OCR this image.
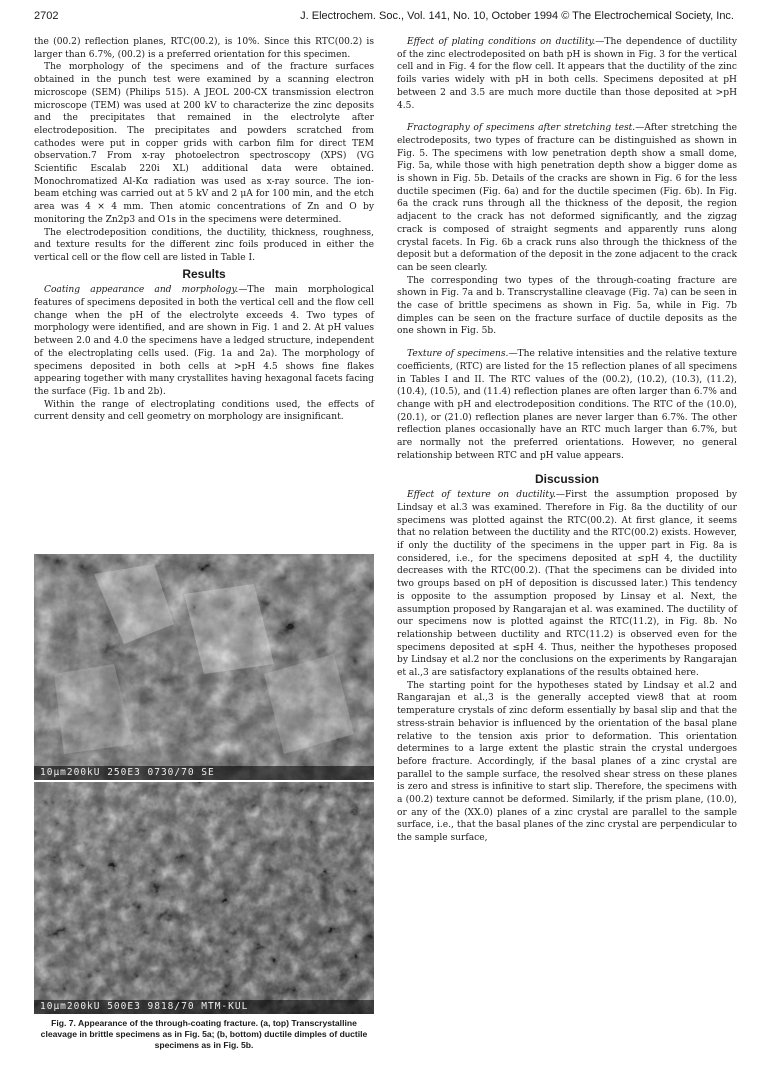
2702	J. Electrochem. Soc., Vol. 141, No. 10, October 1994 © The Electrochemical Society, Inc.

the (00.2) reflection planes, RTC(00.2), is 10%. Since this RTC(00.2) is larger than 6.7%, (00.2) is a preferred orientation for this specimen.

The morphology of the specimens and of the fracture surfaces obtained in the punch test were examined by a scanning electron microscope (SEM) (Philips 515). A JEOL 200-CX transmission electron microscope (TEM) was used at 200 kV to characterize the zinc deposits and the precipitates that remained in the electrolyte after electrodeposition. The precipitates and powders scratched from cathodes were put in copper grids with carbon film for direct TEM observation.7 From x-ray photoelectron spectroscopy (XPS) (VG Scientific Escalab 220i XL) additional data were obtained. Monochromatized Al-Kα radiation was used as x-ray source. The ion-beam etching was carried out at 5 kV and 2 μA for 100 min, and the etch area was 4 × 4 mm. Then atomic concentrations of Zn and O by monitoring the Zn2p3 and O1s in the specimens were determined.

The electrodeposition conditions, the ductility, thickness, roughness, and texture results for the different zinc foils produced in either the vertical cell or the flow cell are listed in Table I.

Results

Coating appearance and morphology.—The main morphological features of specimens deposited in both the vertical cell and the flow cell change when the pH of the electrolyte exceeds 4. Two types of morphology were identified, and are shown in Fig. 1 and 2. At pH values between 2.0 and 4.0 the specimens have a ledged structure, independent of the electroplating cells used. (Fig. 1a and 2a). The morphology of specimens deposited in both cells at >pH 4.5 shows fine flakes appearing together with many crystallites having hexagonal facets facing the surface (Fig. 1b and 2b).

Within the range of electroplating conditions used, the effects of current density and cell geometry on morphology are insignificant.

10μm200kU 250E3 0730/70 SE
10μm200kU 500E3 9818/70 MTM-KUL
Fig. 7. Appearance of the through-coating fracture. (a, top) Transcrystalline cleavage in brittle specimens as in Fig. 5a; (b, bottom) ductile dimples of ductile specimens as in Fig. 5b.

Effect of plating conditions on ductility.—The dependence of ductility of the zinc electrodeposited on bath pH is shown in Fig. 3 for the vertical cell and in Fig. 4 for the flow cell. It appears that the ductility of the zinc foils varies widely with pH in both cells. Specimens deposited at pH between 2 and 3.5 are much more ductile than those deposited at >pH 4.5.

Fractography of specimens after stretching test.—After stretching the electrodeposits, two types of fracture can be distinguished as shown in Fig. 5. The specimens with low penetration depth show a small dome, Fig. 5a, while those with high penetration depth show a bigger dome as is shown in Fig. 5b. Details of the cracks are shown in Fig. 6 for the less ductile specimen (Fig. 6a) and for the ductile specimen (Fig. 6b). In Fig. 6a the crack runs through all the thickness of the deposit, the region adjacent to the crack has not deformed significantly, and the zigzag crack is composed of straight segments and apparently runs along crystal facets. In Fig. 6b a crack runs also through the thickness of the deposit but a deformation of the deposit in the zone adjacent to the crack can be seen clearly.

The corresponding two types of the through-coating fracture are shown in Fig. 7a and b. Transcrystalline cleavage (Fig. 7a) can be seen in the case of brittle specimens as shown in Fig. 5a, while in Fig. 7b dimples can be seen on the fracture surface of ductile deposits as the one shown in Fig. 5b.

Texture of specimens.—The relative intensities and the relative texture coefficients, (RTC) are listed for the 15 reflection planes of all specimens in Tables I and II. The RTC values of the (00.2), (10.2), (10.3), (11.2), (10.4), (10.5), and (11.4) reflection planes are often larger than 6.7% and change with pH and electrodeposition conditions. The RTC of the (10.0), (20.1), or (21.0) reflection planes are never larger than 6.7%. The other reflection planes occasionally have an RTC much larger than 6.7%, but are normally not the preferred orientations. However, no general relationship between RTC and pH value appears.

Discussion

Effect of texture on ductility.—First the assumption proposed by Lindsay et al.3 was examined. Therefore in Fig. 8a the ductility of our specimens was plotted against the RTC(00.2). At first glance, it seems that no relation between the ductility and the RTC(00.2) exists. However, if only the ductility of the specimens in the upper part in Fig. 8a is considered, i.e., for the specimens deposited at ≤pH 4, the ductility decreases with the RTC(00.2). (That the specimens can be divided into two groups based on pH of deposition is discussed later.) This tendency is opposite to the assumption proposed by Linsay et al. Next, the assumption proposed by Rangarajan et al. was examined. The ductility of our specimens now is plotted against the RTC(11.2), in Fig. 8b. No relationship between ductility and RTC(11.2) is observed even for the specimens deposited at ≤pH 4. Thus, neither the hypotheses proposed by Lindsay et al.2 nor the conclusions on the experiments by Rangarajan et al.,3 are satisfactory explanations of the results obtained here.

The starting point for the hypotheses stated by Lindsay et al.2 and Rangarajan et al.,3 is the generally accepted view8 that at room temperature crystals of zinc deform essentially by basal slip and that the stress-strain behavior is influenced by the orientation of the basal plane relative to the tension axis prior to deformation. This orientation determines to a large extent the plastic strain the crystal undergoes before fracture. Accordingly, if the basal planes of a zinc crystal are parallel to the sample surface, the resolved shear stress on these planes is zero and stress is infinitive to start slip. Therefore, the specimens with a (00.2) texture cannot be deformed. Similarly, if the prism plane, (10.0), or any of the (XX.0) planes of a zinc crystal are parallel to the sample surface, i.e., that the basal planes of the zinc crystal are perpendicular to the sample surface,
